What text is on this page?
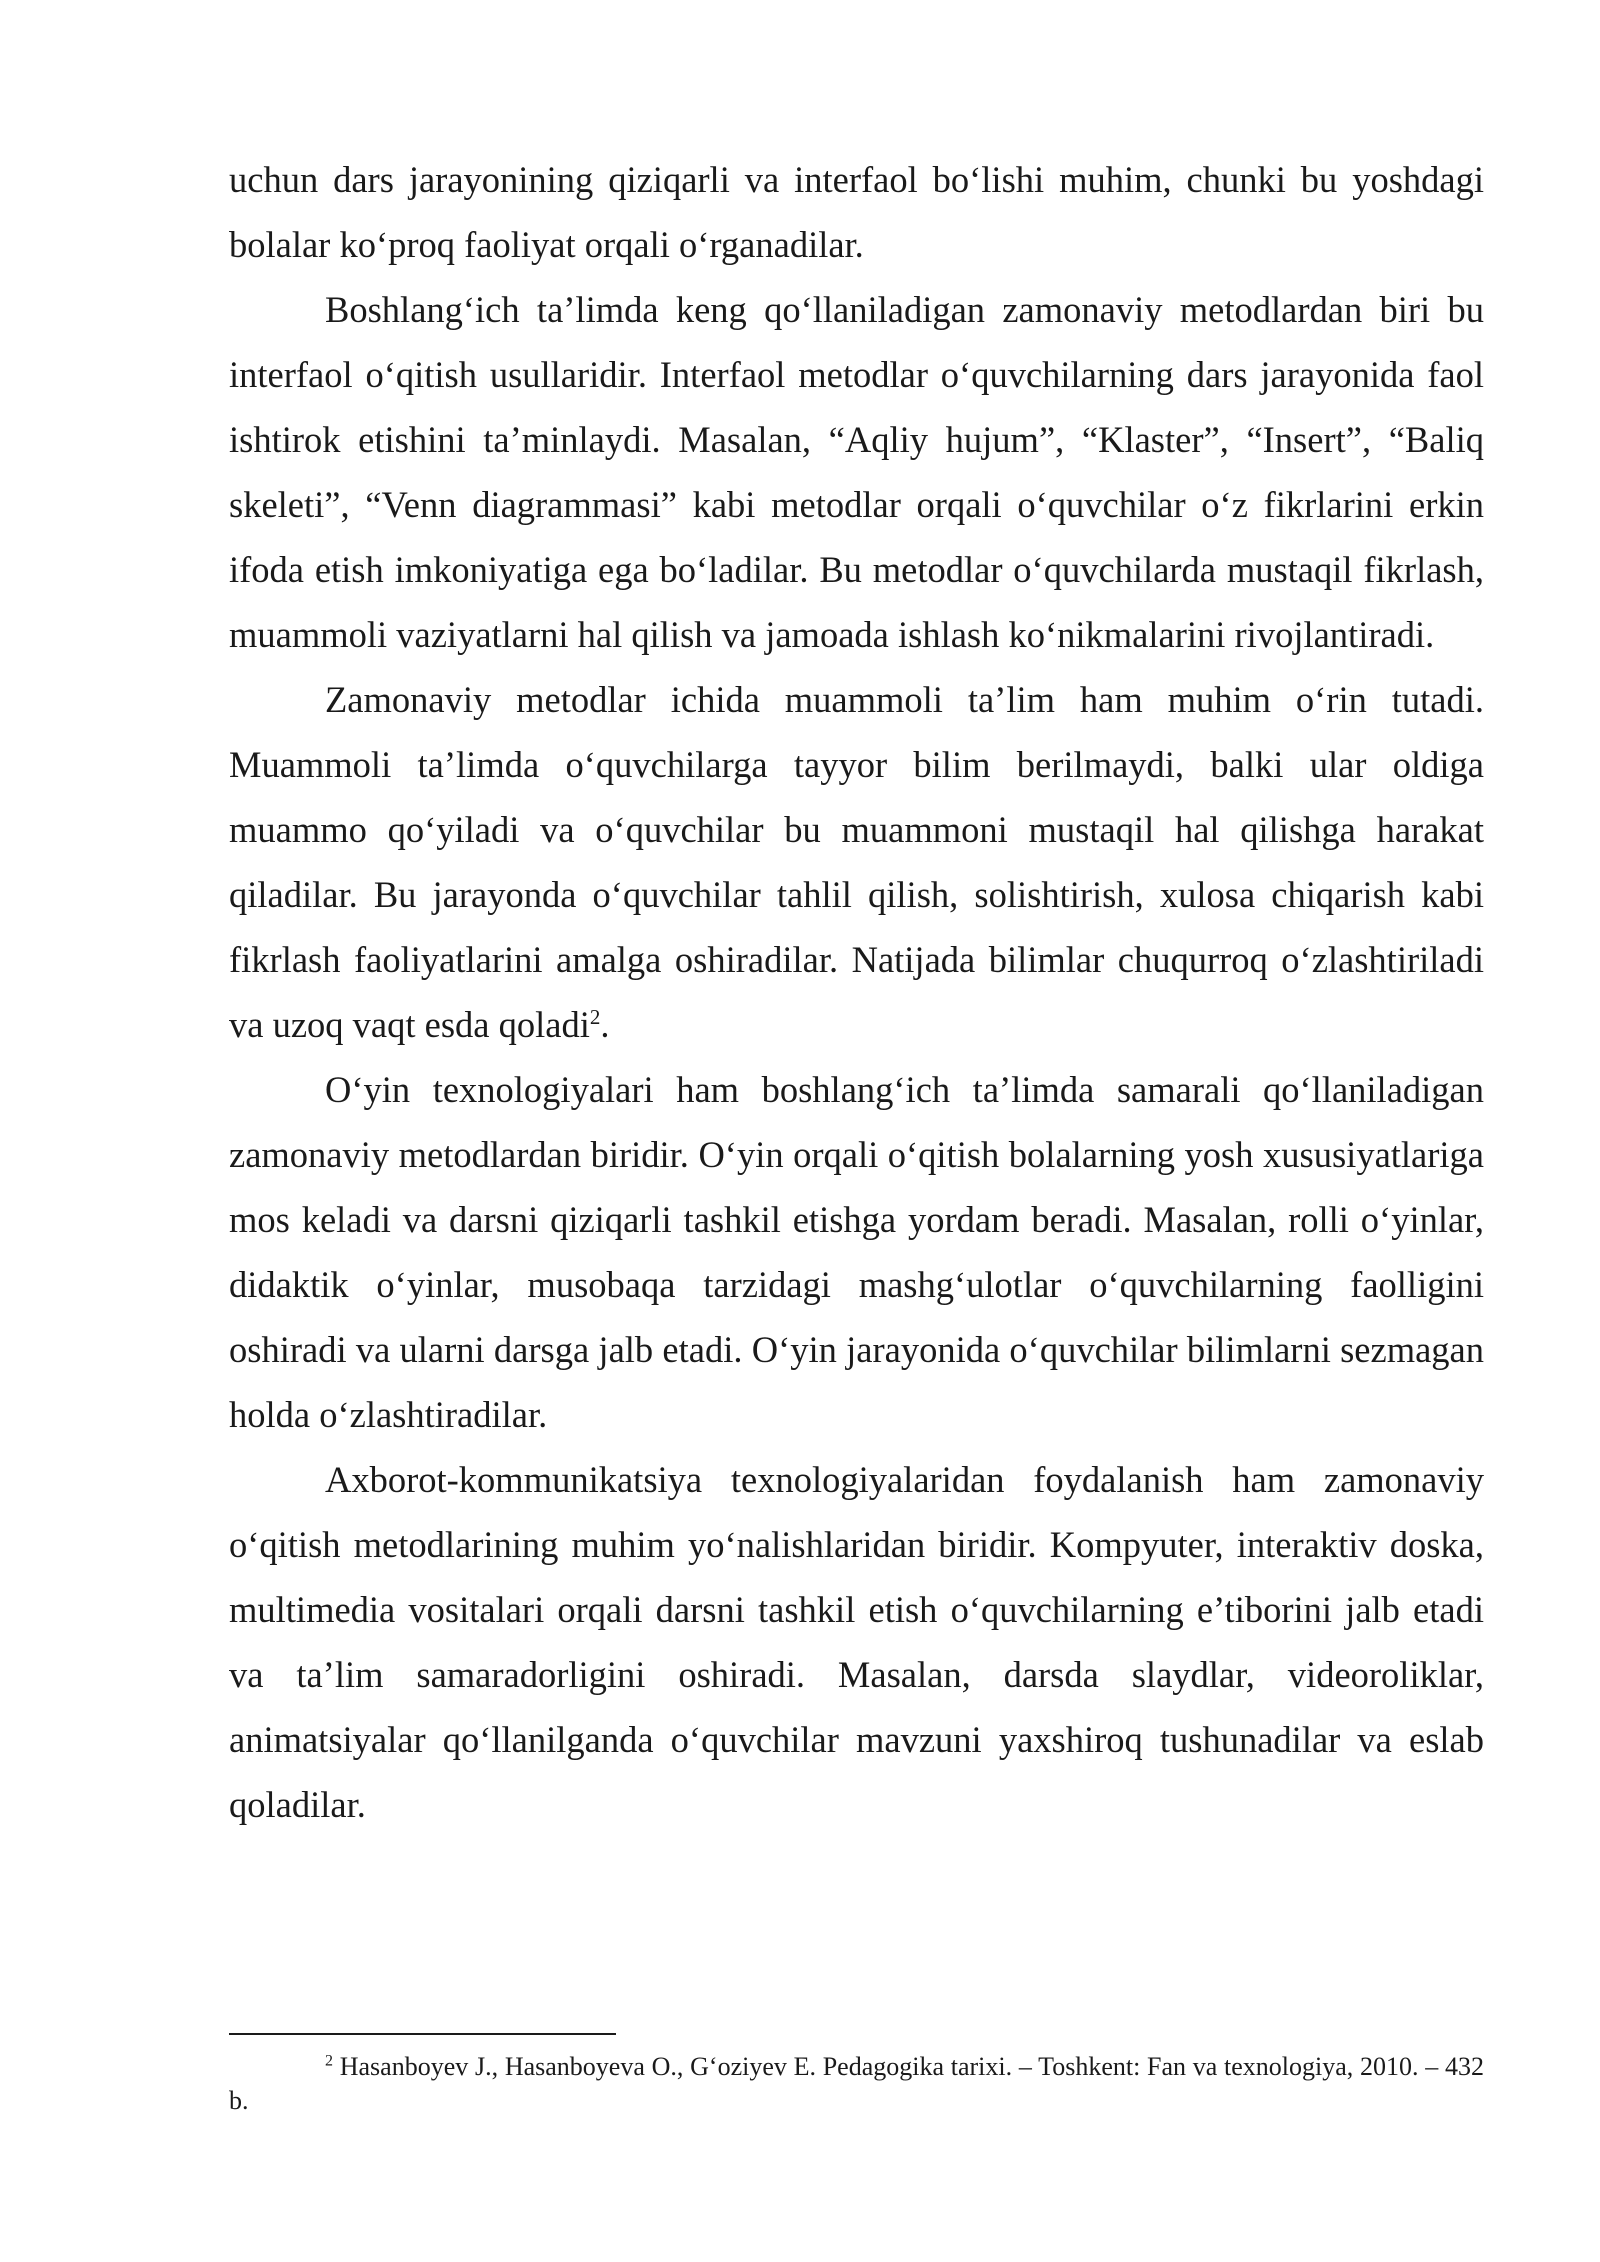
uchun dars jarayonining qiziqarli va interfaol bo‘lishi muhim, chunki bu yoshdagi bolalar ko‘proq faoliyat orqali o‘rganadilar.

Boshlang‘ich ta’limda keng qo‘llaniladigan zamonaviy metodlardan biri bu interfaol o‘qitish usullaridir. Interfaol metodlar o‘quvchilarning dars jarayonida faol ishtirok etishini ta’minlaydi. Masalan, “Aqliy hujum”, “Klaster”, “Insert”, “Baliq skeleti”, “Venn diagrammasi” kabi metodlar orqali o‘quvchilar o‘z fikrlarini erkin ifoda etish imkoniyatiga ega bo‘ladilar. Bu metodlar o‘quvchilarda mustaqil fikrlash, muammoli vaziyatlarni hal qilish va jamoada ishlash ko‘nikmalarini rivojlantiradi.

Zamonaviy metodlar ichida muammoli ta’lim ham muhim o‘rin tutadi. Muammoli ta’limda o‘quvchilarga tayyor bilim berilmaydi, balki ular oldiga muammo qo‘yiladi va o‘quvchilar bu muammoni mustaqil hal qilishga harakat qiladilar. Bu jarayonda o‘quvchilar tahlil qilish, solishtirish, xulosa chiqarish kabi fikrlash faoliyatlarini amalga oshiradilar. Natijada bilimlar chuqurroq o‘zlashtiriladi va uzoq vaqt esda qoladi$^2$.

O‘yin texnologiyalari ham boshlang‘ich ta’limda samarali qo‘llaniladigan zamonaviy metodlardan biridir. O‘yin orqali o‘qitish bolalarning yosh xususiyatlariga mos keladi va darsni qiziqarli tashkil etishga yordam beradi. Masalan, rolli o‘yinlar, didaktik o‘yinlar, musobaqa tarzidagi mashg‘ulotlar o‘quvchilarning faolligini oshiradi va ularni darsga jalb etadi. O‘yin jarayonida o‘quvchilar bilimlarni sezmagan holda o‘zlashtiradilar.

Axborot-kommunikatsiya texnologiyalaridan foydalanish ham zamonaviy o‘qitish metodlarining muhim yo‘nalishlaridan biridir. Kompyuter, interaktiv doska, multimedia vositalari orqali darsni tashkil etish o‘quvchilarning e’tiborini jalb etadi va ta’lim samaradorligini oshiradi. Masalan, darsda slaydlar, videoroliklar, animatsiyalar qo‘llanilganda o‘quvchilar mavzuni yaxshiroq tushunadilar va eslab qoladilar.

$^2$ Hasanboyev J., Hasanboyeva O., G‘oziyev E. Pedagogika tarixi. – Toshkent: Fan va texnologiya, 2010. – 432 b.
